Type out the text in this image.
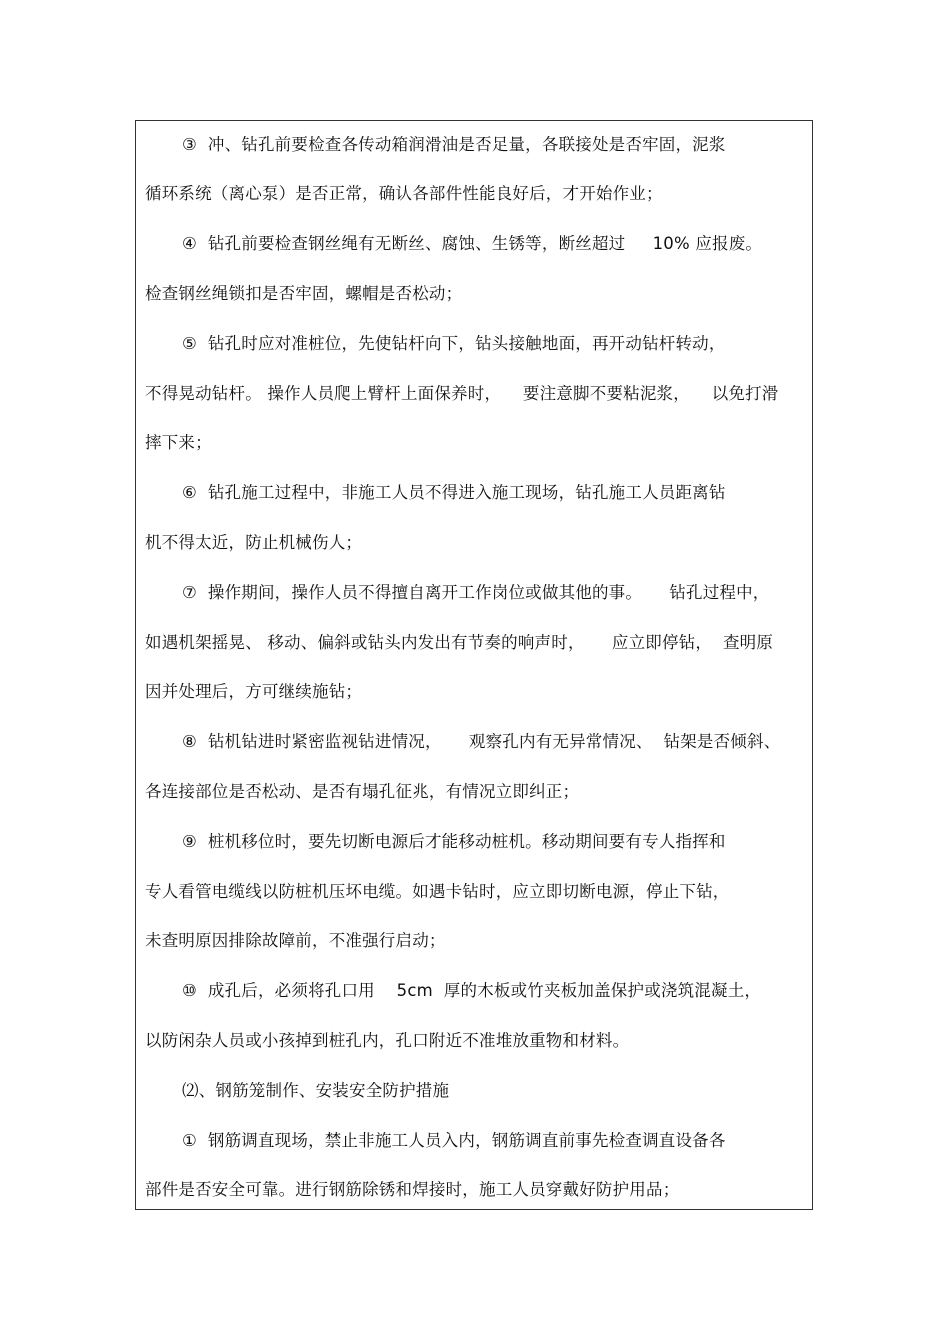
③  冲、钻孔前要检查各传动箱润滑油是否足量，各联接处是否牢固，泥浆
循环系统（离心泵）是否正常，确认各部件性能良好后，才开始作业；
④  钻孔前要检查钢丝绳有无断丝、腐蚀、生锈等，断丝超过     10% 应报废。
检查钢丝绳锁扣是否牢固，螺帽是否松动；
⑤  钻孔时应对准桩位，先使钻杆向下，钻头接触地面，再开动钻杆转动，
不得晃动钻杆。 操作人员爬上臂杆上面保养时，    要注意脚不要粘泥浆，    以免打滑
摔下来；
⑥  钻孔施工过程中，非施工人员不得进入施工现场，钻孔施工人员距离钻
机不得太近，防止机械伤人；
⑦  操作期间，操作人员不得擅自离开工作岗位或做其他的事。     钻孔过程中，
如遇机架摇晃、 移动、偏斜或钻头内发出有节奏的响声时，     应立即停钻，  查明原
因并处理后，方可继续施钻；
⑧  钻机钻进时紧密监视钻进情况，     观察孔内有无异常情况、  钻架是否倾斜、
各连接部位是否松动、是否有塌孔征兆，有情况立即纠正；
⑨  桩机移位时，要先切断电源后才能移动桩机。移动期间要有专人指挥和
专人看管电缆线以防桩机压坏电缆。如遇卡钻时，应立即切断电源，停止下钻，
未查明原因排除故障前，不准强行启动；
⑩  成孔后，必须将孔口用    5cm  厚的木板或竹夹板加盖保护或浇筑混凝土，
以防闲杂人员或小孩掉到桩孔内，孔口附近不准堆放重物和材料。
⑵、钢筋笼制作、安装安全防护措施
①  钢筋调直现场，禁止非施工人员入内，钢筋调直前事先检查调直设备各
部件是否安全可靠。进行钢筋除锈和焊接时，施工人员穿戴好防护用品；
